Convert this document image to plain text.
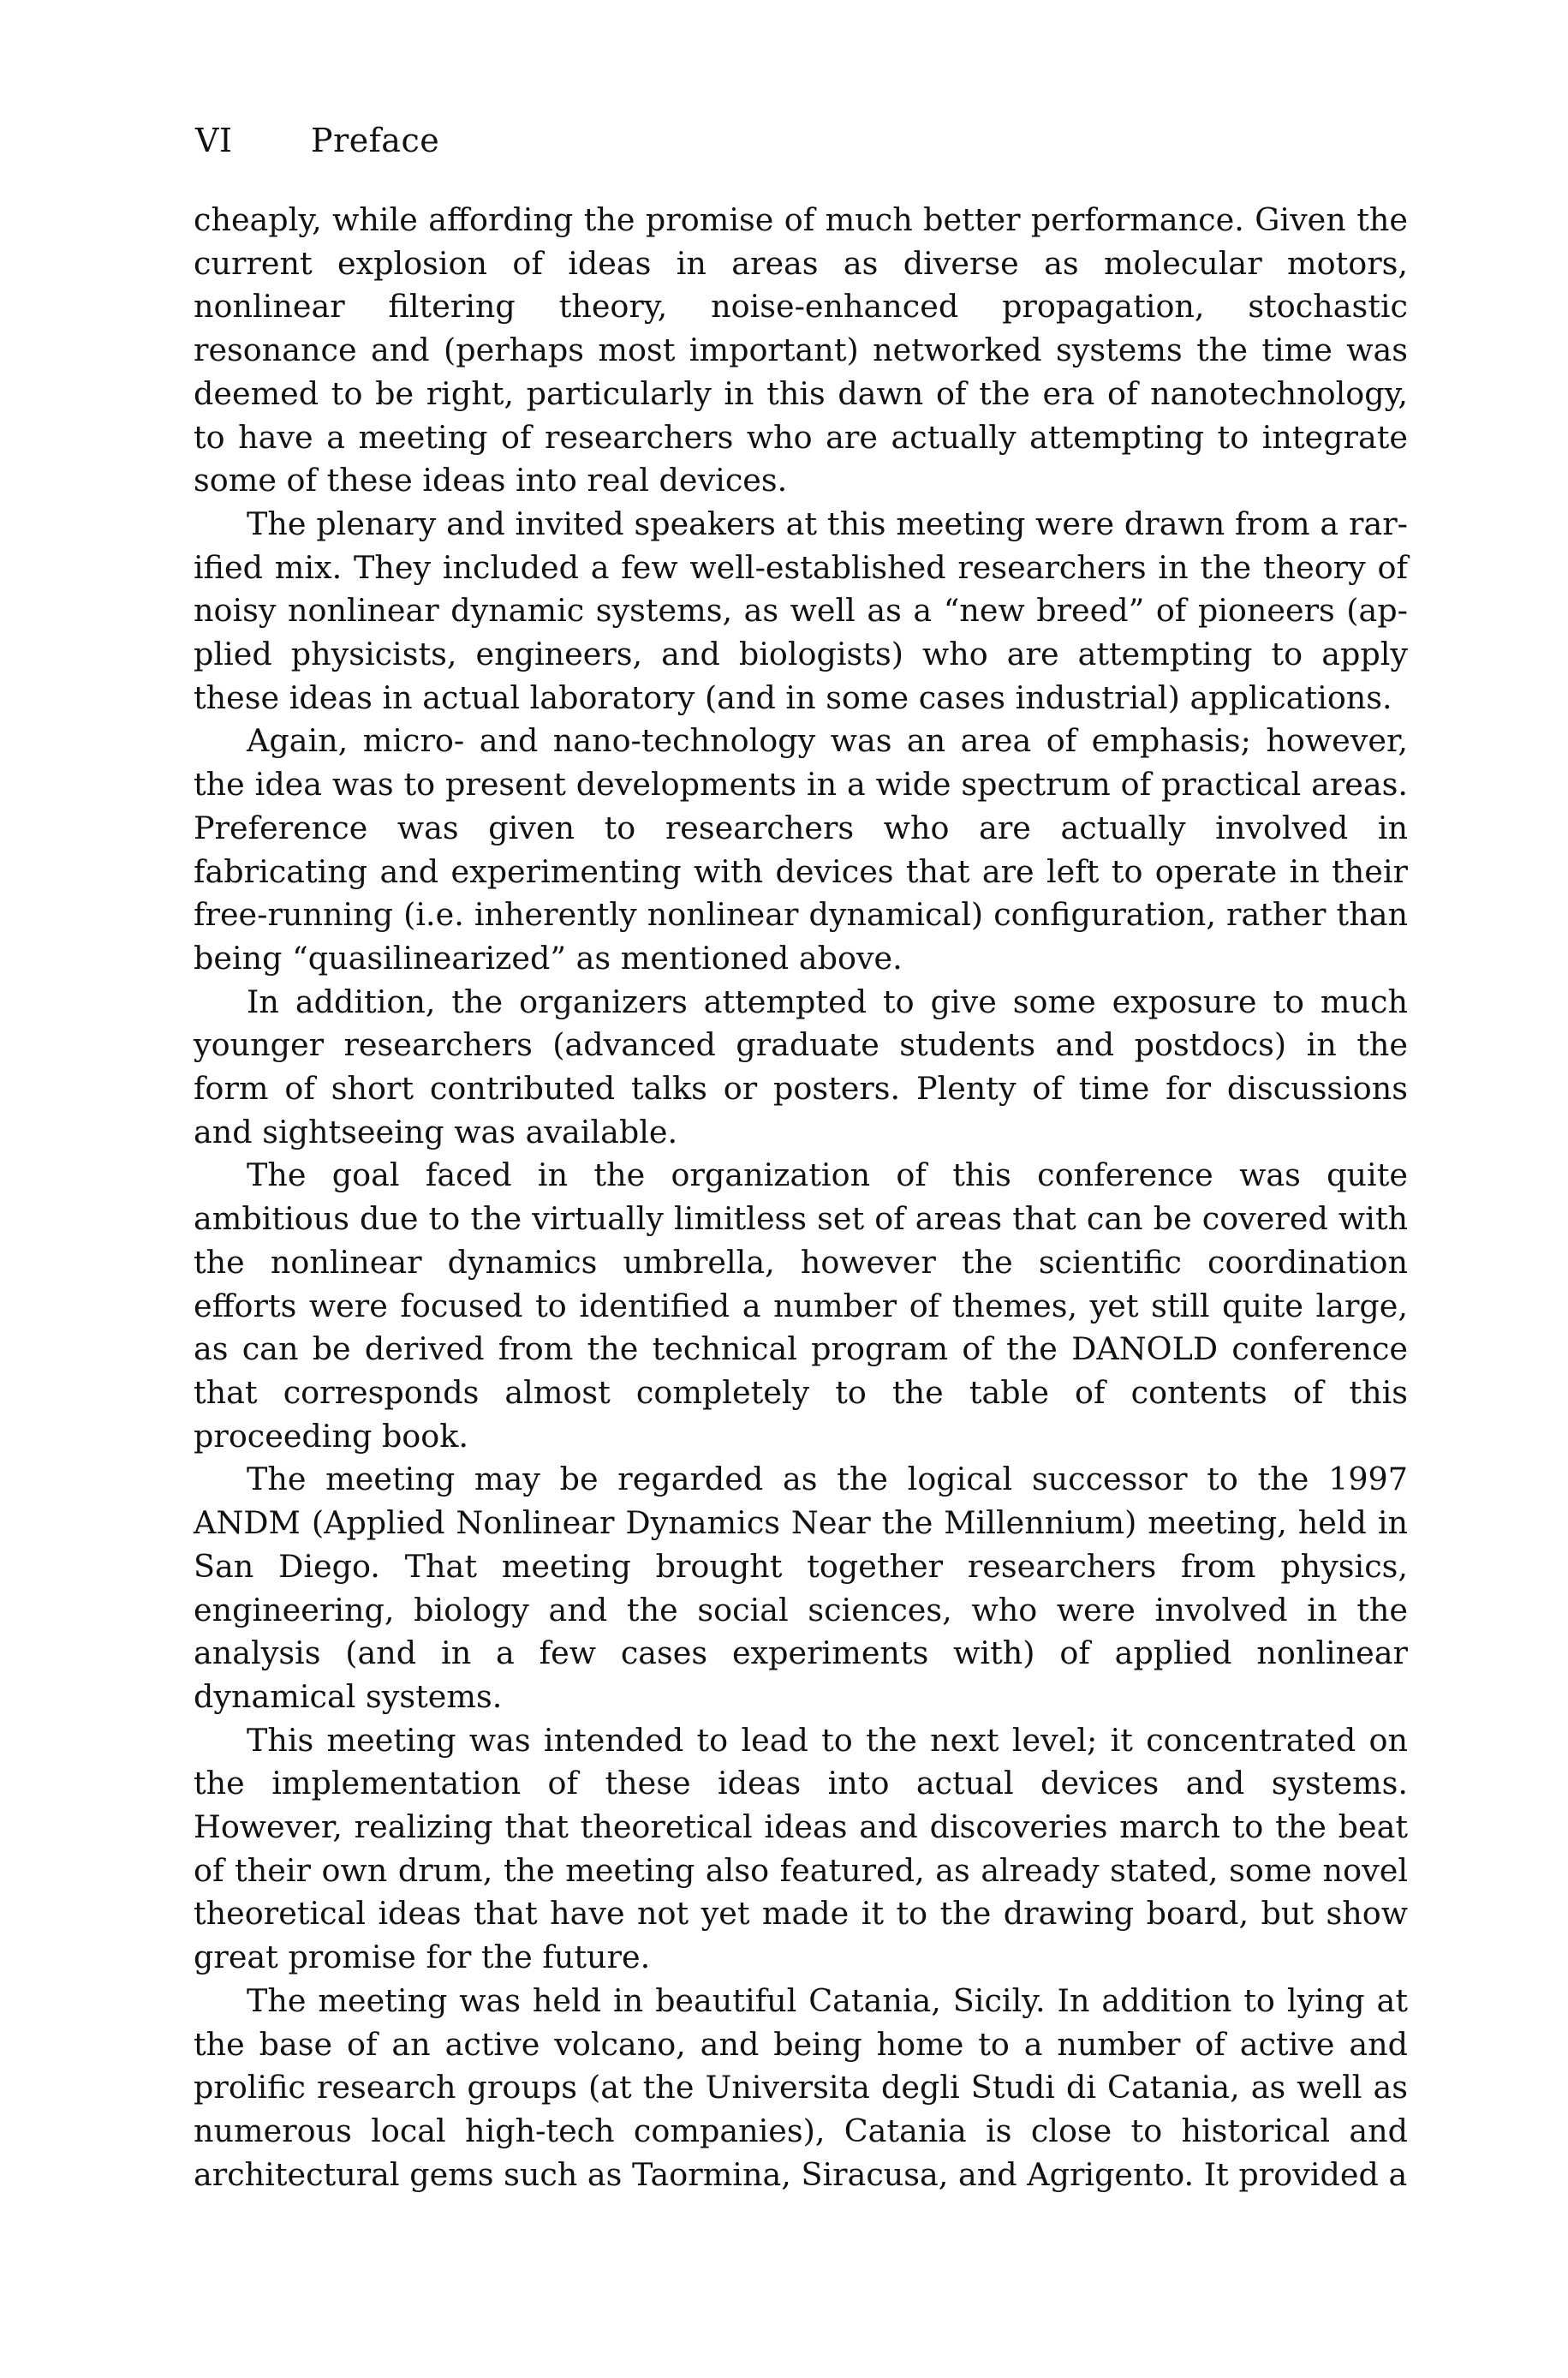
VI Preface

cheaply, while affording the promise of much better performance. Given the current explosion of ideas in areas as diverse as molecular motors, nonlinear filtering theory, noise-enhanced propagation, stochastic resonance and (perhaps most important) networked systems the time was deemed to be right, particularly in this dawn of the era of nanotechnology, to have a meeting of researchers who are actually attempting to integrate some of these ideas into real devices.

The plenary and invited speakers at this meeting were drawn from a rarified mix. They included a few well-established researchers in the theory of noisy nonlinear dynamic systems, as well as a “new breed” of pioneers (applied physicists, engineers, and biologists) who are attempting to apply these ideas in actual laboratory (and in some cases industrial) applications.

Again, micro- and nano-technology was an area of emphasis; however, the idea was to present developments in a wide spectrum of practical areas. Preference was given to researchers who are actually involved in fabricating and experimenting with devices that are left to operate in their free-running (i.e. inherently nonlinear dynamical) configuration, rather than being “quasilinearized” as mentioned above.

In addition, the organizers attempted to give some exposure to much younger researchers (advanced graduate students and postdocs) in the form of short contributed talks or posters. Plenty of time for discussions and sightseeing was available.

The goal faced in the organization of this conference was quite ambitious due to the virtually limitless set of areas that can be covered with the nonlinear dynamics umbrella, however the scientific coordination efforts were focused to identified a number of themes, yet still quite large, as can be derived from the technical program of the DANOLD conference that corresponds almost completely to the table of contents of this proceeding book.

The meeting may be regarded as the logical successor to the 1997 ANDM (Applied Nonlinear Dynamics Near the Millennium) meeting, held in San Diego. That meeting brought together researchers from physics, engineering, biology and the social sciences, who were involved in the analysis (and in a few cases experiments with) of applied nonlinear dynamical systems.

This meeting was intended to lead to the next level; it concentrated on the implementation of these ideas into actual devices and systems. However, realizing that theoretical ideas and discoveries march to the beat of their own drum, the meeting also featured, as already stated, some novel theoretical ideas that have not yet made it to the drawing board, but show great promise for the future.

The meeting was held in beautiful Catania, Sicily. In addition to lying at the base of an active volcano, and being home to a number of active and prolific research groups (at the Universita degli Studi di Catania, as well as numerous local high-tech companies), Catania is close to historical and architectural gems such as Taormina, Siracusa, and Agrigento. It provided a
